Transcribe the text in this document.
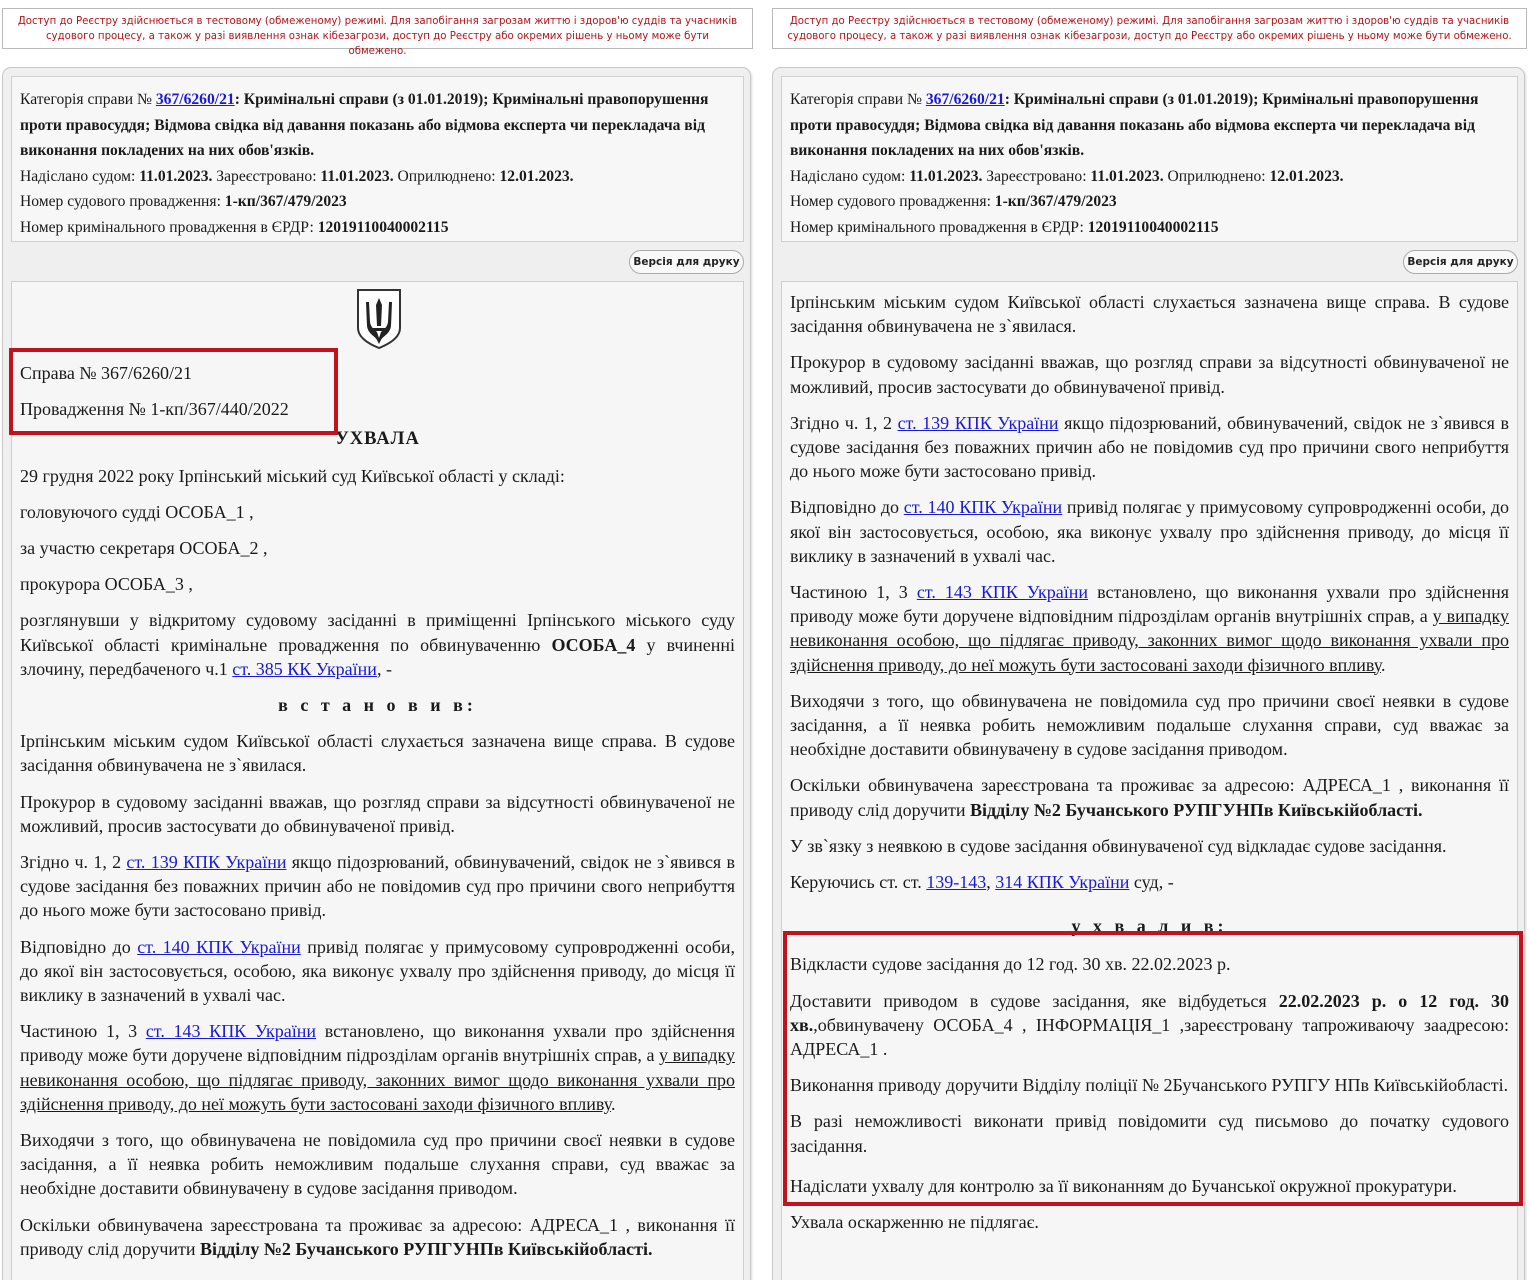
Доступ до Реєстру здійснюється в тестовому (обмеженому) режимі. Для запобігання загрозам життю і здоров'ю суддів та учасників судового процесу, а також у разі виявлення ознак кібезагрози, доступ до Реєстру або окремих рішень у ньому може бути обмежено.

Категорія справи № 367/6260/21: Кримінальні справи (з 01.01.2019); Кримінальні правопорушення проти правосуддя; Відмова свідка від давання показань або відмова експерта чи перекладача від виконання покладених на них обов'язків.

Надіслано судом: 11.01.2023. Зареєстровано: 11.01.2023. Оприлюднено: 12.01.2023.

Номер судового провадження: 1-кп/367/479/2023

Номер кримінального провадження в ЄРДР: 12019110040002115

Версія для друку

Справа № 367/6260/21

Провадження № 1-кп/367/440/2022

УХВАЛА

29 грудня 2022 року Ірпінський міський суд Київської області у складі:

головуючого судді ОСОБА_1 ,

за участю секретаря ОСОБА_2 ,

прокурора ОСОБА_3 ,

розглянувши у відкритому судовому засіданні в приміщенні Ірпінського міського суду Київської області кримінальне провадження по обвинуваченню ОСОБА_4 у вчиненні злочину, передбаченого ч.1 ст. 385 КК України, -

в с т а н о в и в:

Ірпінським міським судом Київської області слухається зазначена вище справа. В судове засідання обвинувачена не з`явилася.

Прокурор в судовому засіданні вважав, що розгляд справи за відсутності обвинуваченої не можливий, просив застосувати до обвинуваченої привід.

Згідно ч. 1, 2 ст. 139 КПК України якщо підозрюваний, обвинувачений, свідок не з`явився в судове засідання без поважних причин або не повідомив суд про причини свого неприбуття до нього може бути застосовано привід.

Відповідно до ст. 140 КПК України привід полягає у примусовому супровродженні особи, до якої він застосовується, особою, яка виконує ухвалу про здійснення приводу, до місця її виклику в зазначений в ухвалі час.

Частиною 1, 3 ст. 143 КПК України встановлено, що виконання ухвали про здійснення приводу може бути доручене відповідним підрозділам органів внутрішніх справ, а у випадку невиконання особою, що підлягає приводу, законних вимог щодо виконання ухвали про здійснення приводу, до неї можуть бути застосовані заходи фізичного впливу.

Виходячи з того, що обвинувачена не повідомила суд про причини своєї неявки в судове засідання, а її неявка робить неможливим подальше слухання справи, суд вважає за необхідне доставити обвинувачену в судове засідання приводом.

Оскільки обвинувачена зареєстрована та проживає за адресою: АДРЕСА_1 , виконання її приводу слід доручити Відділу №2 Бучанського РУПГУНПв Київськійобласті.

Доступ до Реєстру здійснюється в тестовому (обмеженому) режимі. Для запобігання загрозам життю і здоров'ю суддів та учасників судового процесу, а також у разі виявлення ознак кібезагрози, доступ до Реєстру або окремих рішень у ньому може бути обмежено.

Категорія справи № 367/6260/21: Кримінальні справи (з 01.01.2019); Кримінальні правопорушення проти правосуддя; Відмова свідка від давання показань або відмова експерта чи перекладача від виконання покладених на них обов'язків.

Надіслано судом: 11.01.2023. Зареєстровано: 11.01.2023. Оприлюднено: 12.01.2023.

Номер судового провадження: 1-кп/367/479/2023

Номер кримінального провадження в ЄРДР: 12019110040002115

Версія для друку

Ірпінським міським судом Київської області слухається зазначена вище справа. В судове засідання обвинувачена не з`явилася.

Прокурор в судовому засіданні вважав, що розгляд справи за відсутності обвинуваченої не можливий, просив застосувати до обвинуваченої привід.

Згідно ч. 1, 2 ст. 139 КПК України якщо підозрюваний, обвинувачений, свідок не з`явився в судове засідання без поважних причин або не повідомив суд про причини свого неприбуття до нього може бути застосовано привід.

Відповідно до ст. 140 КПК України привід полягає у примусовому супровродженні особи, до якої він застосовується, особою, яка виконує ухвалу про здійснення приводу, до місця її виклику в зазначений в ухвалі час.

Частиною 1, 3 ст. 143 КПК України встановлено, що виконання ухвали про здійснення приводу може бути доручене відповідним підрозділам органів внутрішніх справ, а у випадку невиконання особою, що підлягає приводу, законних вимог щодо виконання ухвали про здійснення приводу, до неї можуть бути застосовані заходи фізичного впливу.

Виходячи з того, що обвинувачена не повідомила суд про причини своєї неявки в судове засідання, а її неявка робить неможливим подальше слухання справи, суд вважає за необхідне доставити обвинувачену в судове засідання приводом.

Оскільки обвинувачена зареєстрована та проживає за адресою: АДРЕСА_1 , виконання її приводу слід доручити Відділу №2 Бучанського РУПГУНПв Київськійобласті.

У зв`язку з неявкою в судове засідання обвинуваченої суд відкладає судове засідання.

Керуючись ст. ст. 139-143, 314 КПК України суд, -

у х в а л и в:

Відкласти судове засідання до 12 год. 30 хв. 22.02.2023 р.

Доставити приводом в судове засідання, яке відбудеться 22.02.2023 р. о 12 год. 30 хв.,обвинувачену ОСОБА_4 , ІНФОРМАЦІЯ_1 ,зареєстровану тапроживаючу заадресою: АДРЕСА_1 .

Виконання приводу доручити Відділу поліції № 2Бучанського РУПГУ НПв Київськійобласті.

В разі неможливості виконати привід повідомити суд письмово до початку судового засідання.

Надіслати ухвалу для контролю за її виконанням до Бучанської окружної прокуратури.

Ухвала оскарженню не підлягає.
